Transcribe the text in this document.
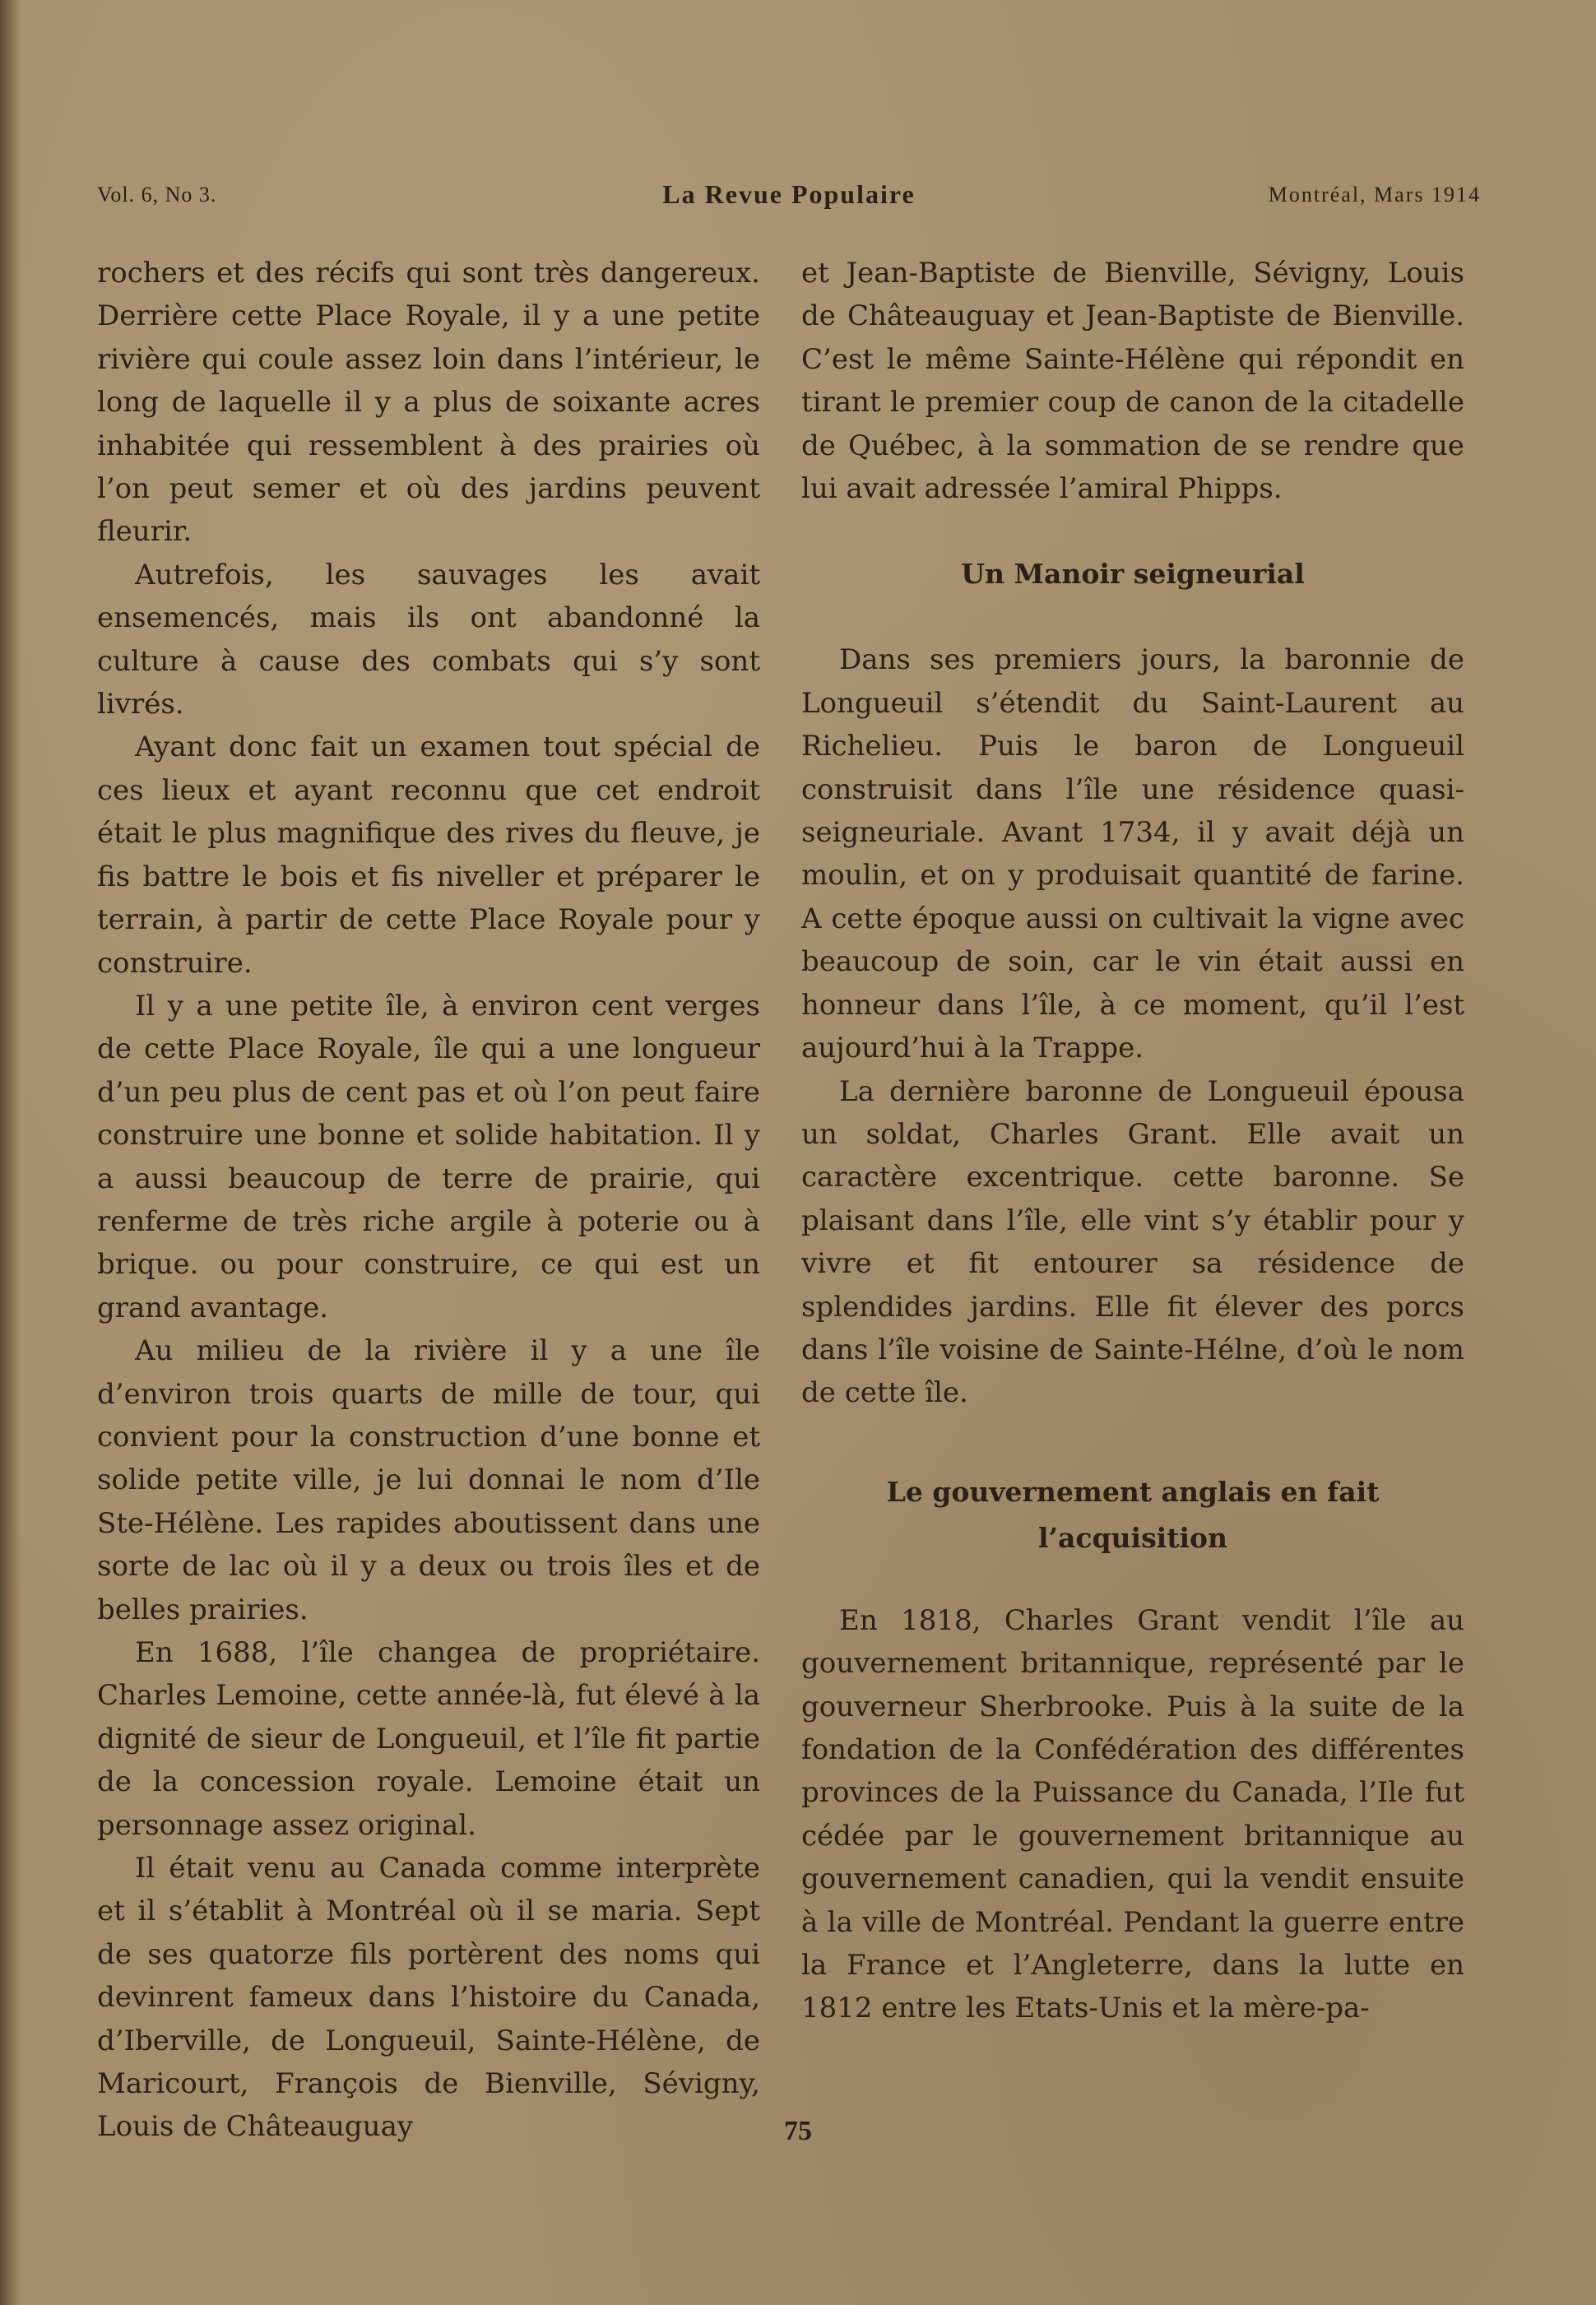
Vol. 6, No 3.	La Revue Populaire	Montréal, Mars 1914

rochers et des récifs qui sont très dangereux. Derrière cette Place Royale, il y a une petite rivière qui coule assez loin dans l’intérieur, le long de laquelle il y a plus de soixante acres inhabitée qui ressemblent à des prairies où l’on peut semer et où des jardins peuvent fleurir.

Autrefois, les sauvages les avait ensemencés, mais ils ont abandonné la culture à cause des combats qui s’y sont livrés.

Ayant donc fait un examen tout spécial de ces lieux et ayant reconnu que cet endroit était le plus magnifique des rives du fleuve, je fis battre le bois et fis niveller et préparer le terrain, à partir de cette Place Royale pour y construire.

Il y a une petite île, à environ cent verges de cette Place Royale, île qui a une longueur d’un peu plus de cent pas et où l’on peut faire construire une bonne et solide habitation. Il y a aussi beaucoup de terre de prairie, qui renferme de très riche argile à poterie ou à brique. ou pour construire, ce qui est un grand avantage.

Au milieu de la rivière il y a une île d’environ trois quarts de mille de tour, qui convient pour la construction d’une bonne et solide petite ville, je lui donnai le nom d’Ile Ste-Hélène. Les rapides aboutissent dans une sorte de lac où il y a deux ou trois îles et de belles prairies.

En 1688, l’île changea de propriétaire. Charles Lemoine, cette année-là, fut élevé à la dignité de sieur de Longueuil, et l’île fit partie de la concession royale. Lemoine était un personnage assez original.

Il était venu au Canada comme interprète et il s’établit à Montréal où il se maria. Sept de ses quatorze fils portèrent des noms qui devinrent fameux dans l’histoire du Canada, d’Iberville, de Longueuil, Sainte-Hélène, de Maricourt, François de Bienville, Sévigny, Louis de Châteauguay

et Jean-Baptiste de Bienville, Sévigny, Louis de Châteauguay et Jean-Baptiste de Bienville. C’est le même Sainte-Hélène qui répondit en tirant le premier coup de canon de la citadelle de Québec, à la sommation de se rendre que lui avait adressée l’amiral Phipps.

Un Manoir seigneurial

Dans ses premiers jours, la baronnie de Longueuil s’étendit du Saint-Laurent au Richelieu. Puis le baron de Longueuil construisit dans l’île une résidence quasi-seigneuriale. Avant 1734, il y avait déjà un moulin, et on y produisait quantité de farine. A cette époque aussi on cultivait la vigne avec beaucoup de soin, car le vin était aussi en honneur dans l’île, à ce moment, qu’il l’est aujourd’hui à la Trappe.

La dernière baronne de Longueuil épousa un soldat, Charles Grant. Elle avait un caractère excentrique. cette baronne. Se plaisant dans l’île, elle vint s’y établir pour y vivre et fit entourer sa résidence de splendides jardins. Elle fit élever des porcs dans l’île voisine de Sainte-Hélne, d’où le nom de cette île.

Le gouvernement anglais en fait l’acquisition

En 1818, Charles Grant vendit l’île au gouvernement britannique, représenté par le gouverneur Sherbrooke. Puis à la suite de la fondation de la Confédération des différentes provinces de la Puissance du Canada, l’Ile fut cédée par le gouvernement britannique au gouvernement canadien, qui la vendit ensuite à la ville de Montréal. Pendant la guerre entre la France et l’Angleterre, dans la lutte en 1812 entre les Etats-Unis et la mère-pa-

75
